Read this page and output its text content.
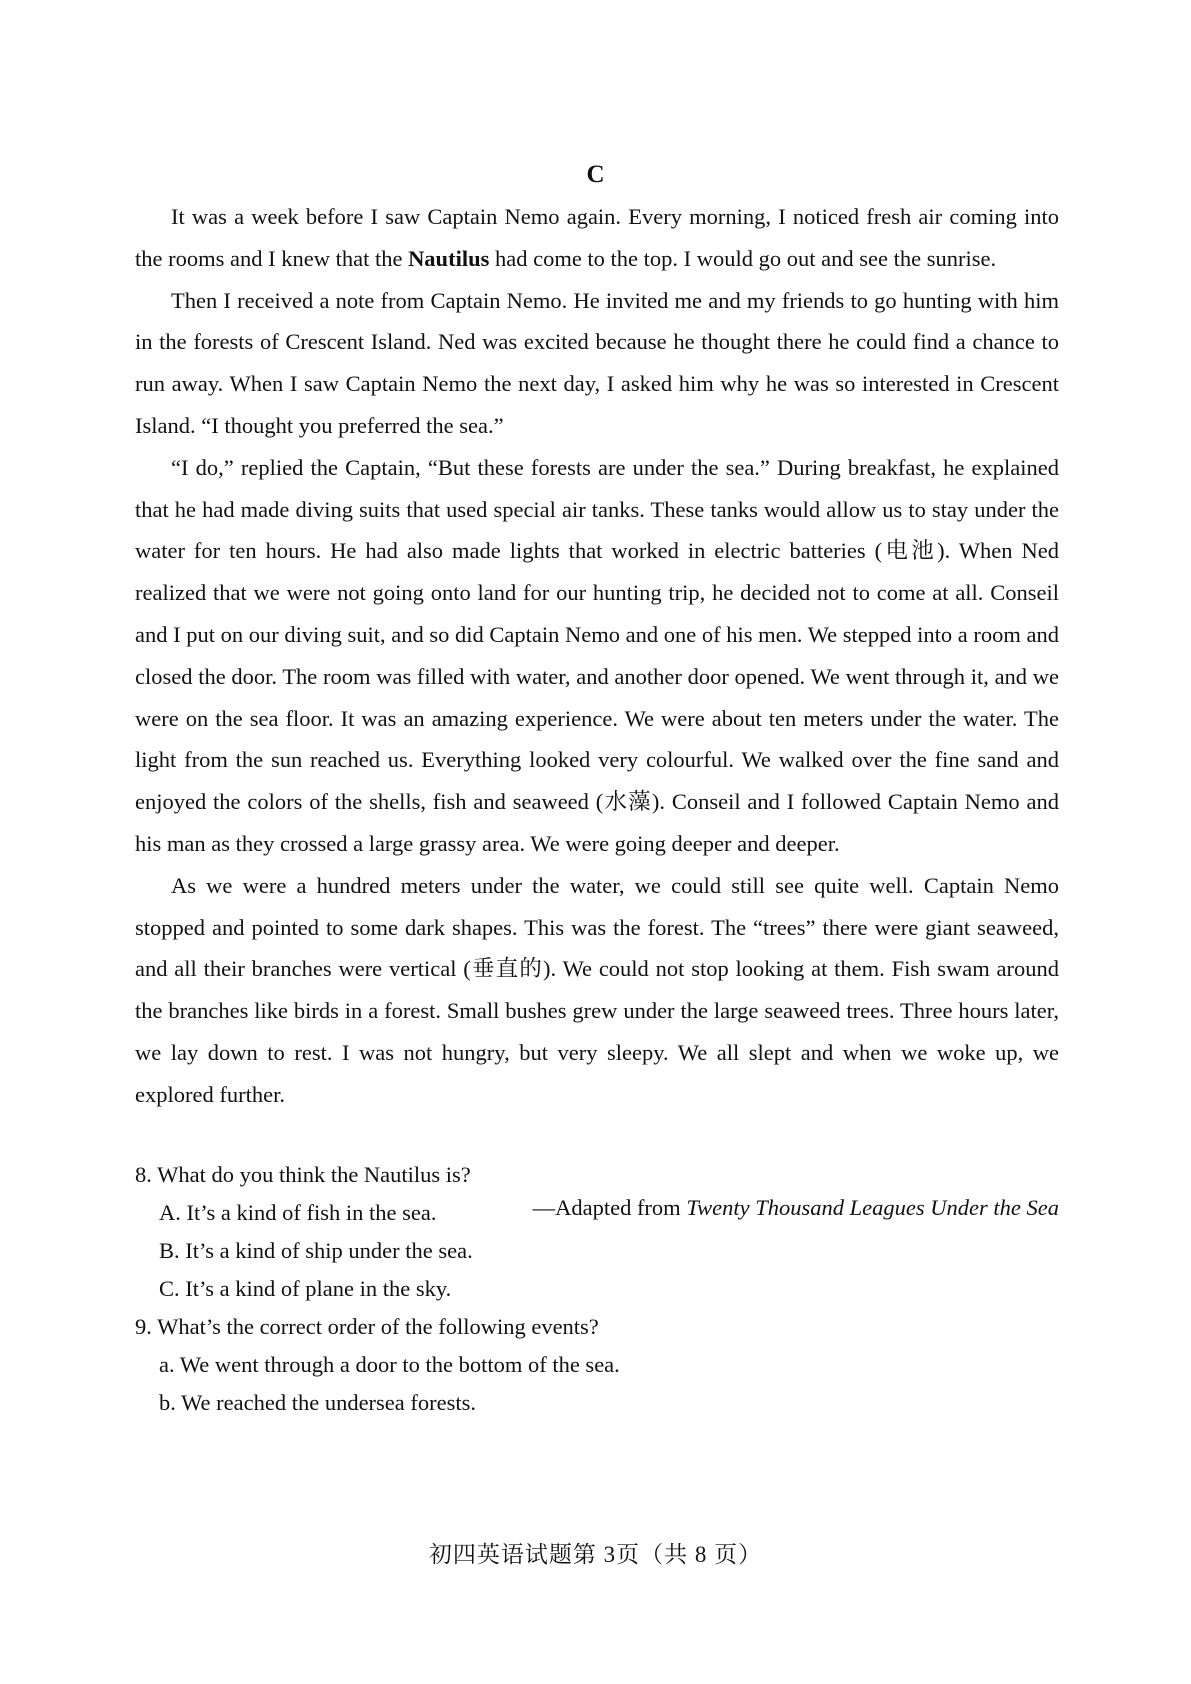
C

It was a week before I saw Captain Nemo again. Every morning, I noticed fresh air coming into the rooms and I knew that the Nautilus had come to the top. I would go out and see the sunrise.

Then I received a note from Captain Nemo. He invited me and my friends to go hunting with him in the forests of Crescent Island. Ned was excited because he thought there he could find a chance to run away. When I saw Captain Nemo the next day, I asked him why he was so interested in Crescent Island. “I thought you preferred the sea.”

“I do,” replied the Captain, “But these forests are under the sea.” During breakfast, he explained that he had made diving suits that used special air tanks. These tanks would allow us to stay under the water for ten hours. He had also made lights that worked in electric batteries (电池). When Ned realized that we were not going onto land for our hunting trip, he decided not to come at all. Conseil and I put on our diving suit, and so did Captain Nemo and one of his men. We stepped into a room and closed the door. The room was filled with water, and another door opened. We went through it, and we were on the sea floor. It was an amazing experience. We were about ten meters under the water. The light from the sun reached us. Everything looked very colourful. We walked over the fine sand and enjoyed the colors of the shells, fish and seaweed (水藻). Conseil and I followed Captain Nemo and his man as they crossed a large grassy area. We were going deeper and deeper.

As we were a hundred meters under the water, we could still see quite well. Captain Nemo stopped and pointed to some dark shapes. This was the forest. The “trees” there were giant seaweed, and all their branches were vertical (垂直的). We could not stop looking at them. Fish swam around the branches like birds in a forest. Small bushes grew under the large seaweed trees. Three hours later, we lay down to rest. I was not hungry, but very sleepy. We all slept and when we woke up, we explored further.

—Adapted from Twenty Thousand Leagues Under the Sea
8. What do you think the Nautilus is?
A. It’s a kind of fish in the sea.
B. It’s a kind of ship under the sea.
C. It’s a kind of plane in the sky.
9. What’s the correct order of the following events?
a. We went through a door to the bottom of the sea.
b. We reached the undersea forests.
初四英语试题第 3页（共 8 页）
